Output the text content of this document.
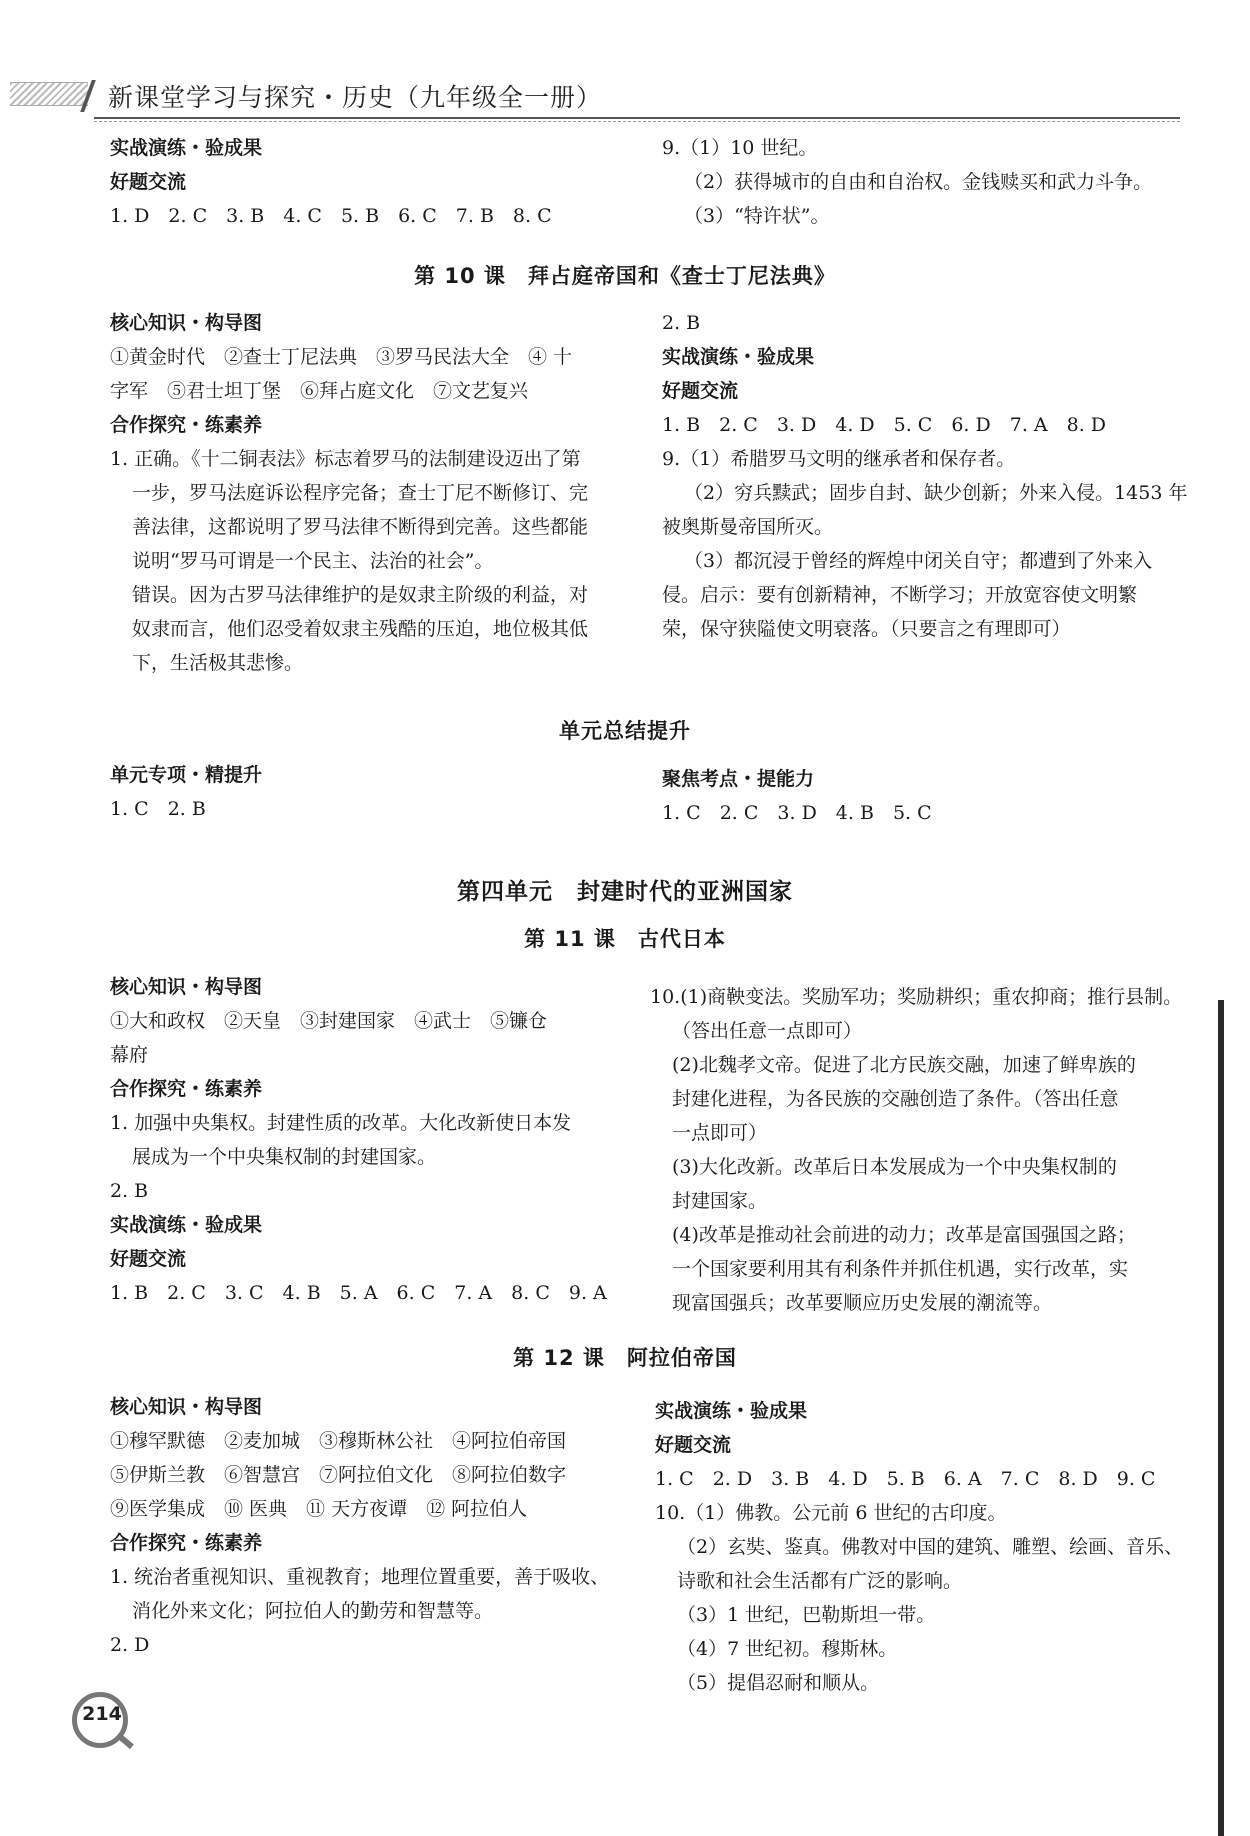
新课堂学习与探究・历史（九年级全一册）
实战演练・验成果
好题交流
1. D　2. C　3. B　4. C　5. B　6. C　7. B　8. C
9.（1）10 世纪。
（2）获得城市的自由和自治权。金钱赎买和武力斗争。
（3）“特许状”。
第 10 课　拜占庭帝国和《查士丁尼法典》
核心知识・构导图
①黄金时代　②查士丁尼法典　③罗马民法大全　④ 十
字军　⑤君士坦丁堡　⑥拜占庭文化　⑦文艺复兴
合作探究・练素养
1. 正确。《十二铜表法》标志着罗马的法制建设迈出了第
一步，罗马法庭诉讼程序完备；查士丁尼不断修订、完
善法律，这都说明了罗马法律不断得到完善。这些都能
说明“罗马可谓是一个民主、法治的社会”。
错误。因为古罗马法律维护的是奴隶主阶级的利益，对
奴隶而言，他们忍受着奴隶主残酷的压迫，地位极其低
下，生活极其悲惨。
2. B
实战演练・验成果
好题交流
1. B　2. C　3. D　4. D　5. C　6. D　7. A　8. D
9.（1）希腊罗马文明的继承者和保存者。
（2）穷兵黩武；固步自封、缺少创新；外来入侵。1453 年
被奥斯曼帝国所灭。
（3）都沉浸于曾经的辉煌中闭关自守；都遭到了外来入
侵。启示：要有创新精神，不断学习；开放宽容使文明繁
荣，保守狭隘使文明衰落。（只要言之有理即可）
单元总结提升
单元专项・精提升
1. C　2. B
聚焦考点・提能力
1. C　2. C　3. D　4. B　5. C
第四单元　封建时代的亚洲国家
第 11 课　古代日本
核心知识・构导图
①大和政权　②天皇　③封建国家　④武士　⑤镰仓
幕府
合作探究・练素养
1. 加强中央集权。封建性质的改革。大化改新使日本发
展成为一个中央集权制的封建国家。
2. B
实战演练・验成果
好题交流
1. B　2. C　3. C　4. B　5. A　6. C　7. A　8. C　9. A
10.(1)商鞅变法。奖励军功；奖励耕织；重农抑商；推行县制。
（答出任意一点即可）
(2)北魏孝文帝。促进了北方民族交融，加速了鲜卑族的
封建化进程，为各民族的交融创造了条件。（答出任意
一点即可）
(3)大化改新。改革后日本发展成为一个中央集权制的
封建国家。
(4)改革是推动社会前进的动力；改革是富国强国之路；
一个国家要利用其有利条件并抓住机遇，实行改革，实
现富国强兵；改革要顺应历史发展的潮流等。
第 12 课　阿拉伯帝国
核心知识・构导图
①穆罕默德　②麦加城　③穆斯林公社　④阿拉伯帝国
⑤伊斯兰教　⑥智慧宫　⑦阿拉伯文化　⑧阿拉伯数字
⑨医学集成　⑩ 医典　⑪ 天方夜谭　⑫ 阿拉伯人
合作探究・练素养
1. 统治者重视知识、重视教育；地理位置重要，善于吸收、
消化外来文化；阿拉伯人的勤劳和智慧等。
2. D
实战演练・验成果
好题交流
1. C　2. D　3. B　4. D　5. B　6. A　7. C　8. D　9. C
10.（1）佛教。公元前 6 世纪的古印度。
（2）玄奘、鉴真。佛教对中国的建筑、雕塑、绘画、音乐、
诗歌和社会生活都有广泛的影响。
（3）1 世纪，巴勒斯坦一带。
（4）7 世纪初。穆斯林。
（5）提倡忍耐和顺从。
214
